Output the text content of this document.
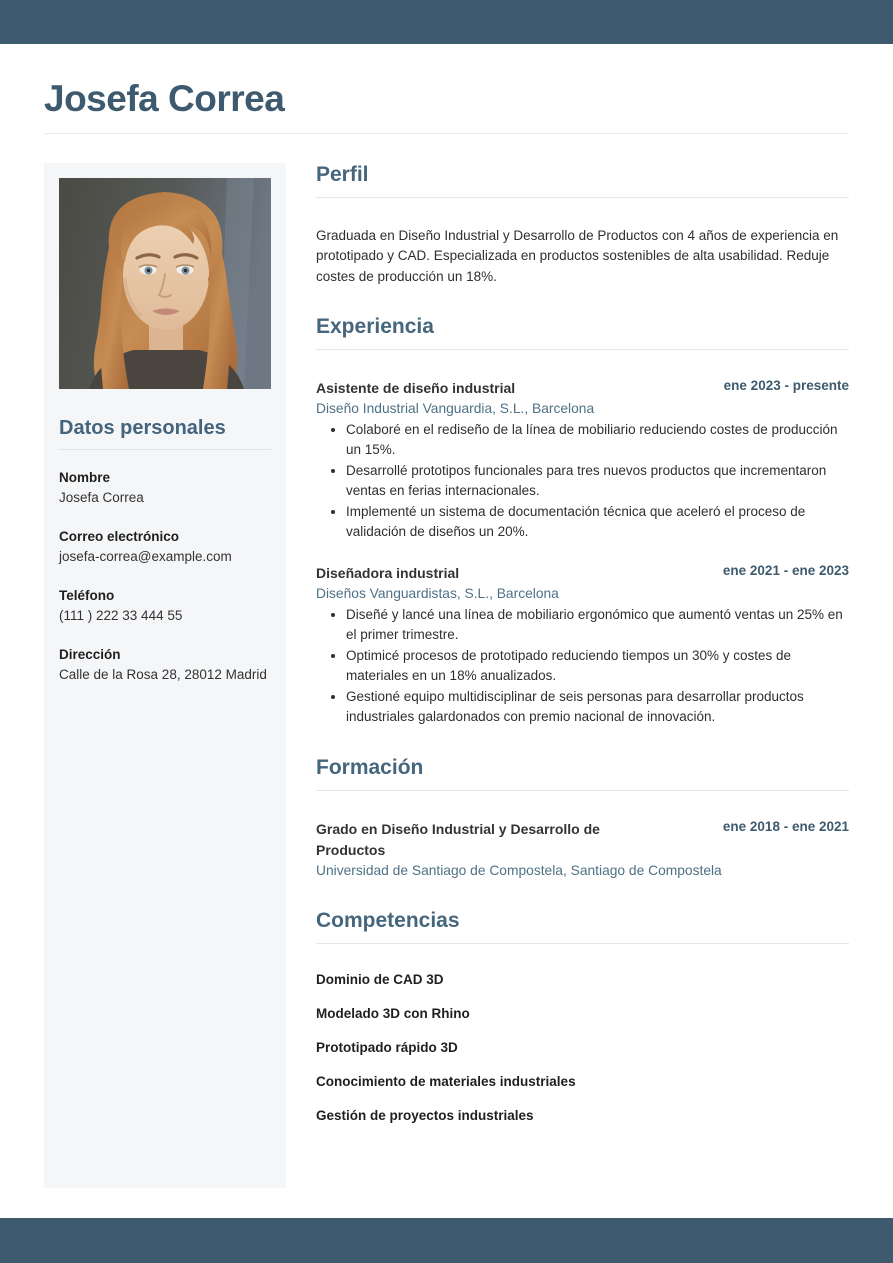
Josefa Correa
Datos personales
Nombre
Josefa Correa
Correo electrónico
josefa-correa@example.com
Teléfono
(111 ) 222 33 444 55
Dirección
Calle de la Rosa 28, 28012 Madrid
Perfil

Graduada en Diseño Industrial y Desarrollo de Productos con 4 años de experiencia en prototipado y CAD. Especializada en productos sostenibles de alta usabilidad. Reduje costes de producción un 18%.

Experiencia
Asistente de diseño industrial	ene 2023 - presente
Diseño Industrial Vanguardia, S.L., Barcelona
• Colaboré en el rediseño de la línea de mobiliario reduciendo costes de producción un 15%.
• Desarrollé prototipos funcionales para tres nuevos productos que incrementaron ventas en ferias internacionales.
• Implementé un sistema de documentación técnica que aceleró el proceso de validación de diseños un 20%.
Diseñadora industrial	ene 2021 - ene 2023
Diseños Vanguardistas, S.L., Barcelona
• Diseñé y lancé una línea de mobiliario ergonómico que aumentó ventas un 25% en el primer trimestre.
• Optimicé procesos de prototipado reduciendo tiempos un 30% y costes de materiales en un 18% anualizados.
• Gestioné equipo multidisciplinar de seis personas para desarrollar productos industriales galardonados con premio nacional de innovación.
Formación
Grado en Diseño Industrial y Desarrollo de Productos
ene 2018 - ene 2021
Universidad de Santiago de Compostela, Santiago de Compostela
Competencias
Dominio de CAD 3D
Modelado 3D con Rhino
Prototipado rápido 3D
Conocimiento de materiales industriales
Gestión de proyectos industriales
